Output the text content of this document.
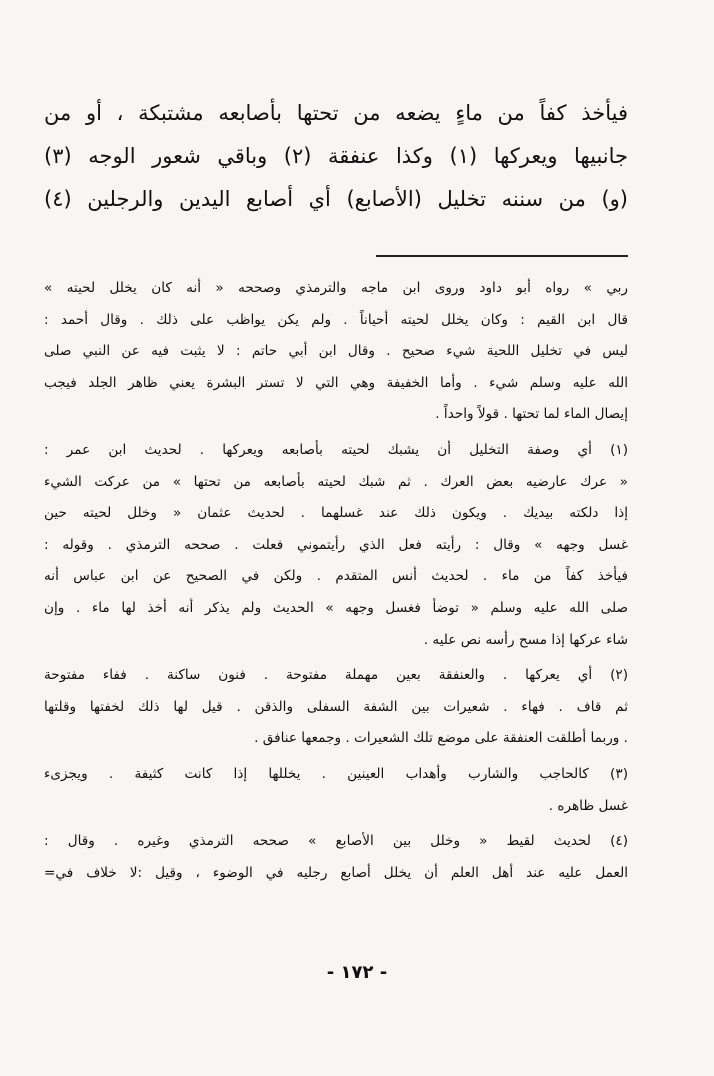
فيأخذ كفاً من ماءٍ يضعه من تحتها بأصابعه مشتبكة ، أو من
جانبيها ويعركها (١) وكذا عنفقة (٢) وباقي شعور الوجه (٣)
(و) من سننه تخليل (الأصابع) أي أصابع اليدين والرجلين (٤)
ربي » رواه أبو داود وروى ابن ماجه والترمذي وصححه « أنه كان يخلل لحيته »
قال ابن القيم : وكان يخلل لحيته أحياناً . ولم يكن يواظب على ذلك . وقال أحمد :
ليس في تخليل اللحية شيء صحيح . وقال ابن أبي حاتم : لا يثبت فيه عن النبي صلى
الله عليه وسلم شيء . وأما الخفيفة وهي التي لا تستر البشرة يعني ظاهر الجلد فيجب
إيصال الماء لما تحتها . قولاً واحداً .
(١) أي وصفة التخليل أن يشبك لحيته بأصابعه ويعركها . لحديث ابن عمر :
« عرك عارضيه بعض العرك . ثم شبك لحيته بأصابعه من تحتها » من عركت الشيء
إذا دلكته بيديك . ويكون ذلك عند غسلهما . لحديث عثمان « وخلل لحيته حين
غسل وجهه » وقال : رأيته فعل الذي رأيتموني فعلت . صححه الترمذي . وقوله :
فيأخذ كفاً من ماء . لحديث أنس المتقدم . ولكن في الصحيح عن ابن عباس أنه
صلى الله عليه وسلم « توضأ فغسل وجهه » الحديث ولم يذكر أنه أخذ لها ماء . وإن
شاء عركها إذا مسح رأسه نص عليه .
(٢) أي يعركها . والعنفقة بعين مهملة مفتوحة . فنون ساكنة . ففاء مفتوحة
ثم قاف . فهاء . شعيرات بين الشفة السفلى والذقن . قيل لها ذلك لخفتها وقلتها
. وربما أطلقت العنفقة على موضع تلك الشعيرات . وجمعها عنافق .
(٣) كالحاجب والشارب وأهداب العينين . يخللها إذا كانت كثيفة . ويجزىء
غسل ظاهره .
(٤) لحديث لقيط « وخلل بين الأصابع » صححه الترمذي وغيره . وقال :
العمل عليه عند أهل العلم أن يخلل أصابع رجليه في الوضوء ، وقيل :لا خلاف في=
- ١٧٢ -
